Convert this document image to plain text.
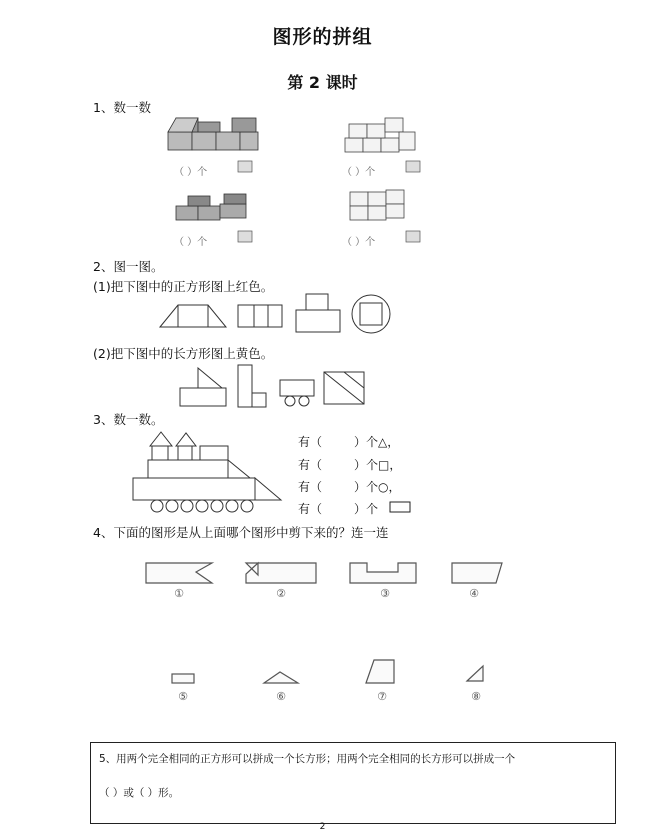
图形的拼组
第 2 课时
1、数一数
（ ）个	（ ）个
（ ）个	（ ）个
2、图一图。
(1)把下图中的正方形图上红色。
(2)把下图中的长方形图上黄色。
3、数一数。
有（	）个△，
有（	）个□，
有（	）个○，
有（	）个
4、下面的图形是从上面哪个图形中剪下来的？连一连
①	②	③	④
⑤	⑥	⑦	⑧
5、用两个完全相同的正方形可以拼成一个长方形；用两个完全相同的长方形可以拼成一个
（ ）或（ ）形。
2
